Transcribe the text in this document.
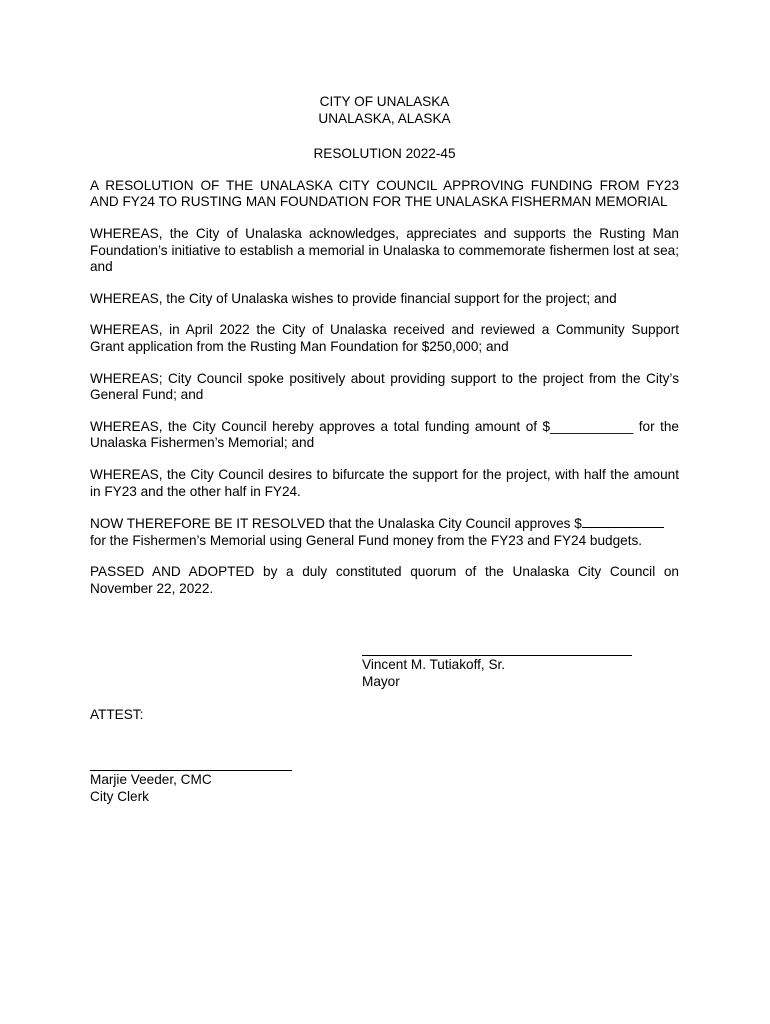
CITY OF UNALASKA
UNALASKA, ALASKA
RESOLUTION 2022-45

A RESOLUTION OF THE UNALASKA CITY COUNCIL APPROVING FUNDING FROM FY23 AND FY24 TO RUSTING MAN FOUNDATION FOR THE UNALASKA FISHERMAN MEMORIAL

WHEREAS, the City of Unalaska acknowledges, appreciates and supports the Rusting Man Foundation’s initiative to establish a memorial in Unalaska to commemorate fishermen lost at sea; and

WHEREAS, the City of Unalaska wishes to provide financial support for the project; and

WHEREAS, in April 2022 the City of Unalaska received and reviewed a Community Support Grant application from the Rusting Man Foundation for $250,000; and

WHEREAS; City Council spoke positively about providing support to the project from the City’s General Fund; and

WHEREAS, the City Council hereby approves a total funding amount of $___________ for the Unalaska Fishermen’s Memorial; and

WHEREAS, the City Council desires to bifurcate the support for the project, with half the amount in FY23 and the other half in FY24.

NOW THEREFORE BE IT RESOLVED that the Unalaska City Council approves $
for the Fishermen’s Memorial using General Fund money from the FY23 and FY24 budgets.

PASSED AND ADOPTED by a duly constituted quorum of the Unalaska City Council on November 22, 2022.

Vincent M. Tutiakoff, Sr.
Mayor
ATTEST:
Marjie Veeder, CMC
City Clerk
